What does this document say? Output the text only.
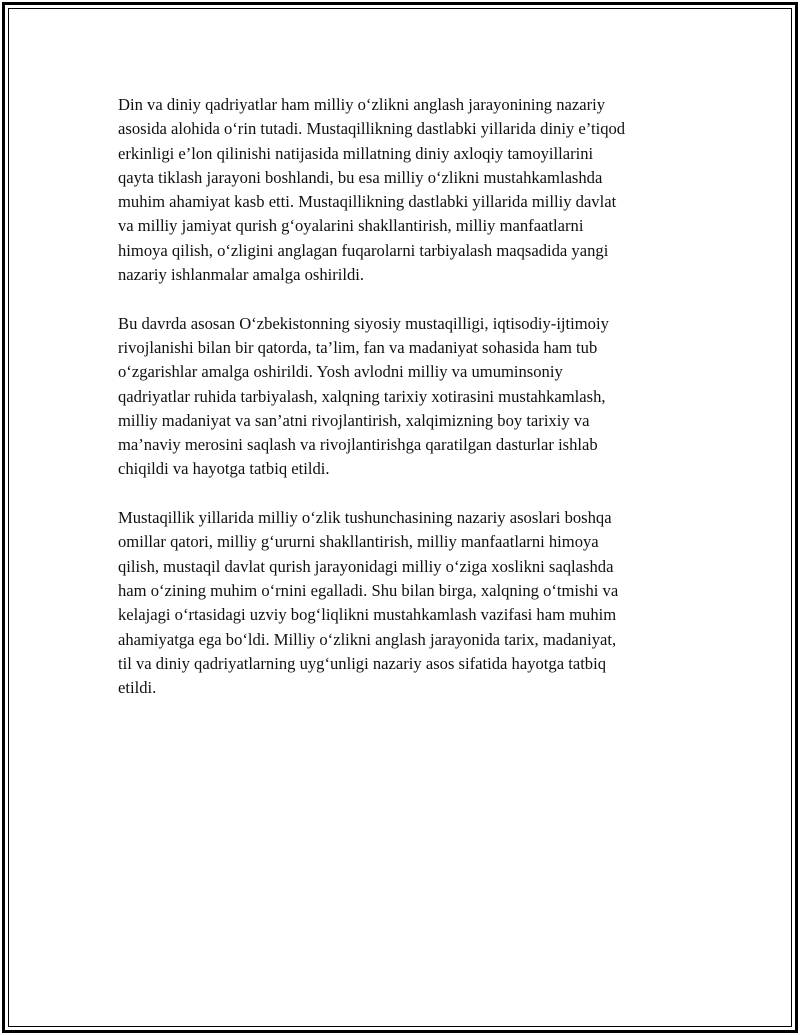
Din va diniy qadriyatlar ham milliy o‘zlikni anglash jarayonining nazariy
asosida alohida o‘rin tutadi. Mustaqillikning dastlabki yillarida diniy e’tiqod
erkinligi e’lon qilinishi natijasida millatning diniy axloqiy tamoyillarini
qayta tiklash jarayoni boshlandi, bu esa milliy o‘zlikni mustahkamlashda
muhim ahamiyat kasb etti. Mustaqillikning dastlabki yillarida milliy davlat
va milliy jamiyat qurish g‘oyalarini shakllantirish, milliy manfaatlarni
himoya qilish, o‘zligini anglagan fuqarolarni tarbiyalash maqsadida yangi
nazariy ishlanmalar amalga oshirildi.

Bu davrda asosan O‘zbekistonning siyosiy mustaqilligi, iqtisodiy-ijtimoiy
rivojlanishi bilan bir qatorda, ta’lim, fan va madaniyat sohasida ham tub
o‘zgarishlar amalga oshirildi. Yosh avlodni milliy va umuminsoniy
qadriyatlar ruhida tarbiyalash, xalqning tarixiy xotirasini mustahkamlash,
milliy madaniyat va san’atni rivojlantirish, xalqimizning boy tarixiy va
ma’naviy merosini saqlash va rivojlantirishga qaratilgan dasturlar ishlab
chiqildi va hayotga tatbiq etildi.

Mustaqillik yillarida milliy o‘zlik tushunchasining nazariy asoslari boshqa
omillar qatori, milliy g‘ururni shakllantirish, milliy manfaatlarni himoya
qilish, mustaqil davlat qurish jarayonidagi milliy o‘ziga xoslikni saqlashda
ham o‘zining muhim o‘rnini egalladi. Shu bilan birga, xalqning o‘tmishi va
kelajagi o‘rtasidagi uzviy bog‘liqlikni mustahkamlash vazifasi ham muhim
ahamiyatga ega bo‘ldi. Milliy o‘zlikni anglash jarayonida tarix, madaniyat,
til va diniy qadriyatlarning uyg‘unligi nazariy asos sifatida hayotga tatbiq
etildi.
